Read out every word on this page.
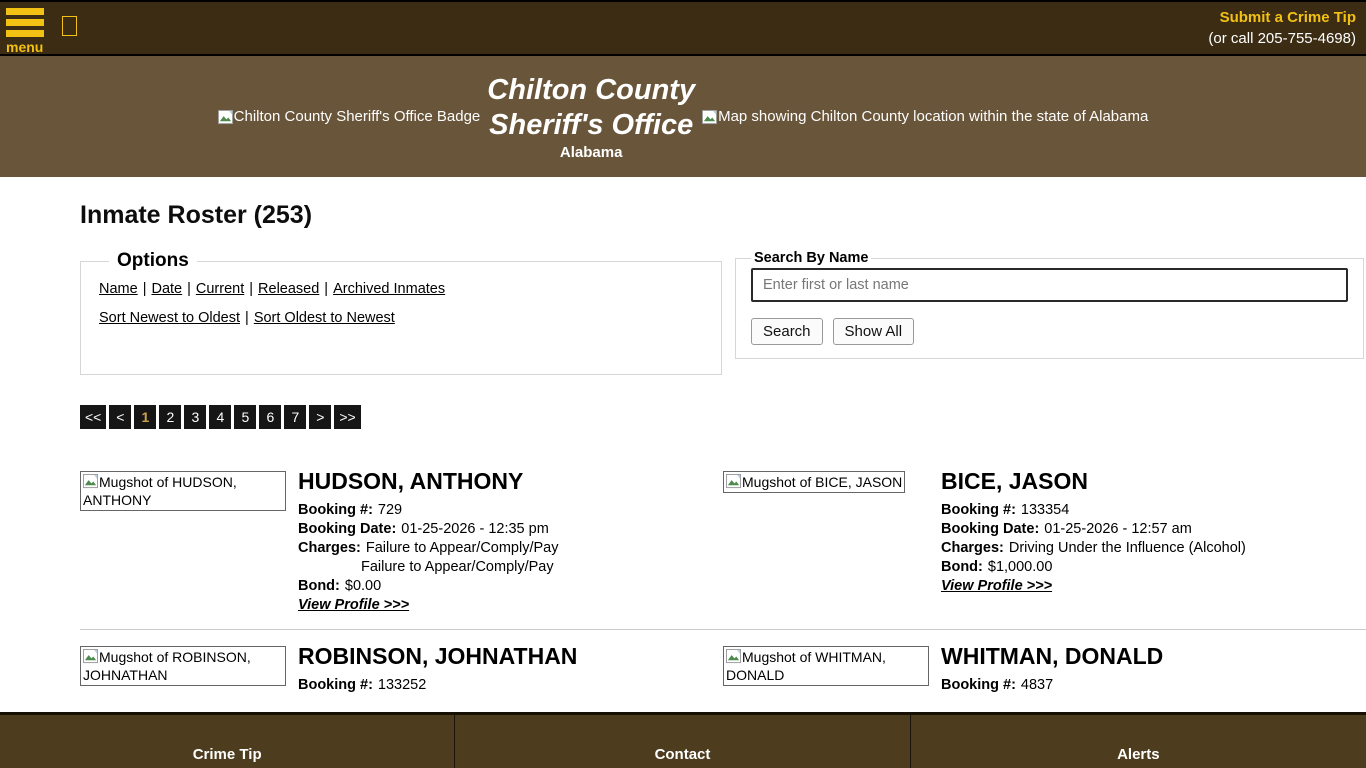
menu
Submit a Crime Tip
(or call 205-755-4698)
Chilton County Sheriff's Office Badge
Chilton County
Sheriff's Office
Alabama
Map showing Chilton County location within the state of Alabama
Inmate Roster (253)
Options
Name | Date | Current | Released | Archived Inmates
Sort Newest to Oldest | Sort Oldest to Newest
Search By Name
Enter first or last name
Search	Show All
<<	<	1	2	3	4	5	6	7	>	>>
Mugshot of HUDSON, ANTHONY
HUDSON, ANTHONY
Booking #: 729
Booking Date: 01-25-2026 - 12:35 pm
Charges: Failure to Appear/Comply/Pay
Failure to Appear/Comply/Pay
Bond: $0.00
View Profile >>>
Mugshot of BICE, JASON	BICE, JASON
Booking #: 133354
Booking Date: 01-25-2026 - 12:57 am
Charges: Driving Under the Influence (Alcohol)
Bond: $1,000.00
View Profile >>>
Mugshot of ROBINSON, JOHNATHAN
ROBINSON, JOHNATHAN
Booking #: 133252
Mugshot of WHITMAN, DONALD
WHITMAN, DONALD
Booking #: 4837
Crime Tip	Contact	Alerts
